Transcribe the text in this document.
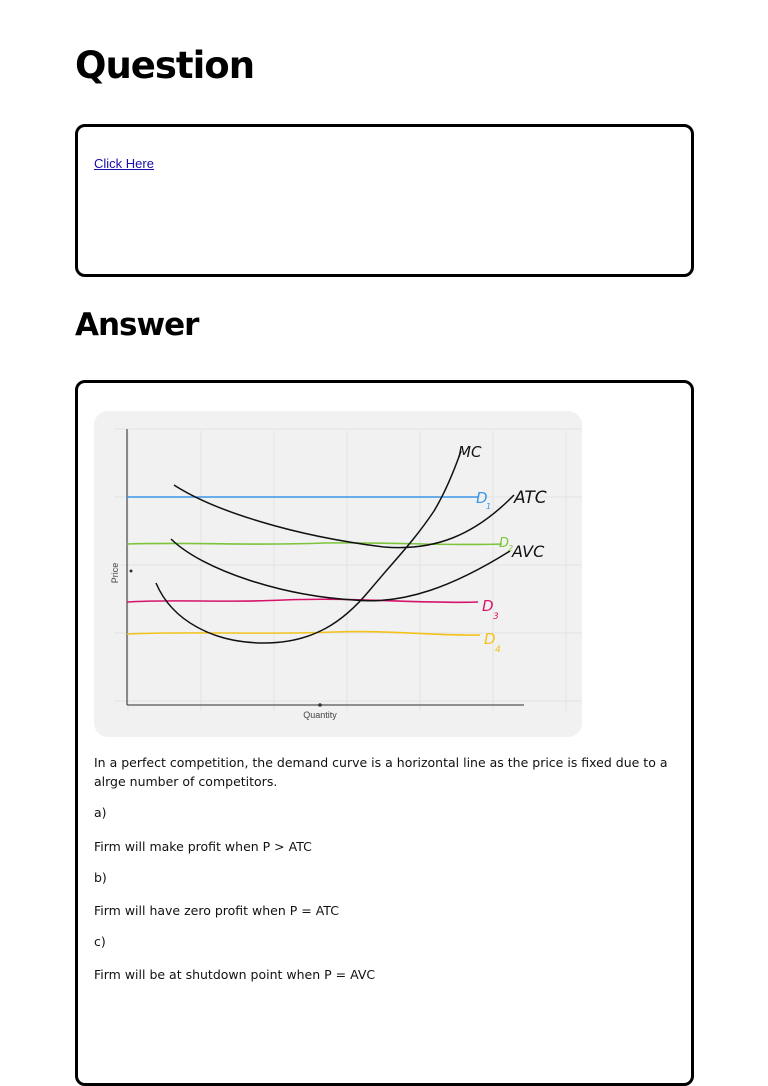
Question
Click Here
Answer
Quantity
Price
MC
ATC
AVC
D
1
D
2
D
3
D
4

In a perfect competition, the demand curve is a horizontal line as the price is fixed due to a alrge number of competitors.

a)

Firm will make profit when P > ATC

b)

Firm will have zero profit when P = ATC

c)

Firm will be at shutdown point when P = AVC
